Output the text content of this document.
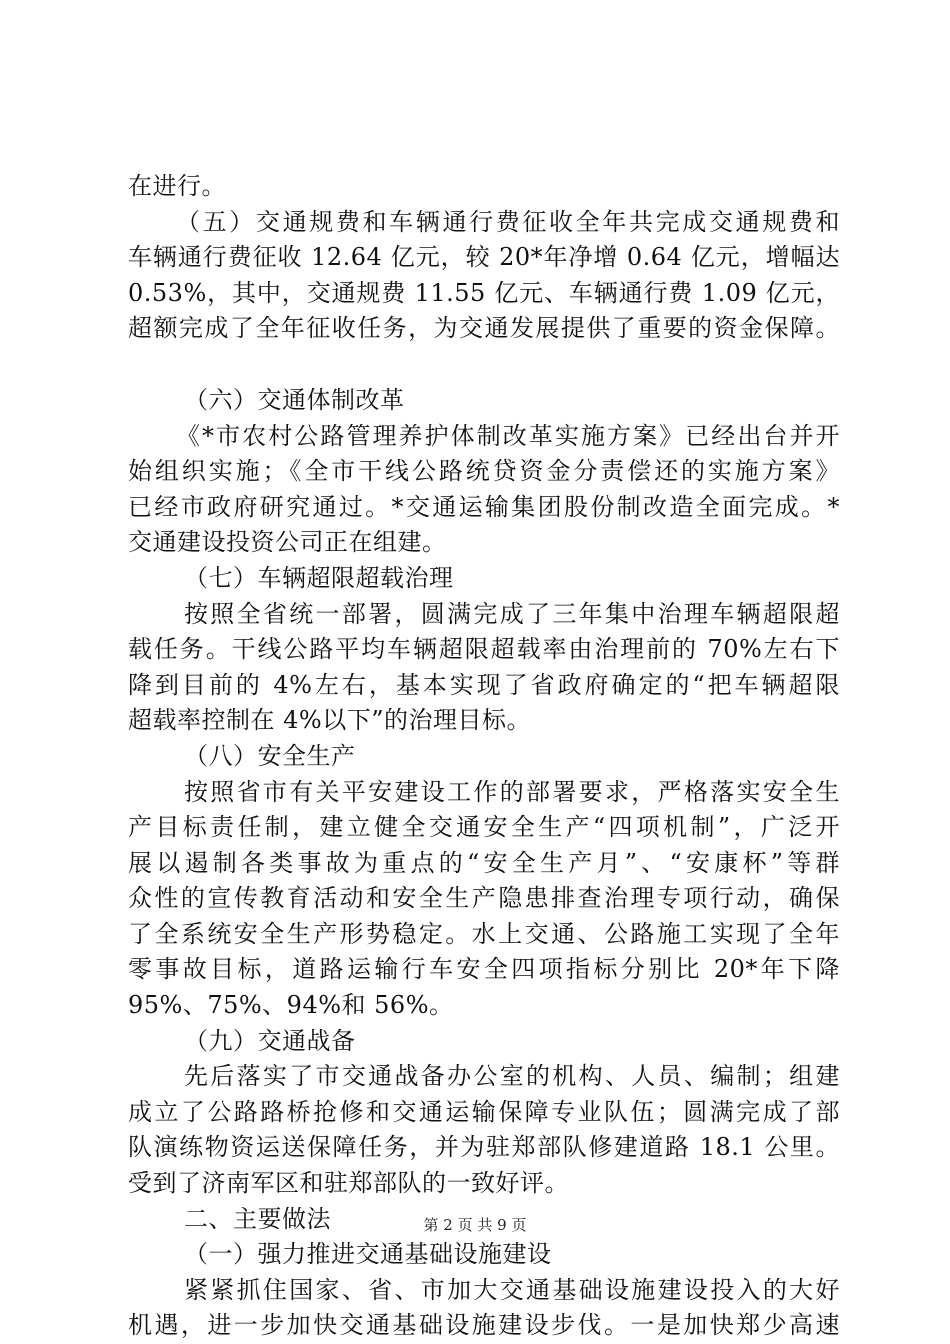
在进行。
（五）交通规费和车辆通行费征收全年共完成交通规费和
车辆通行费征收 12.64 亿元，较 20*年净增 0.64 亿元，增幅达
0.53%，其中，交通规费 11.55 亿元、车辆通行费 1.09 亿元，
超额完成了全年征收任务，为交通发展提供了重要的资金保障。
（六）交通体制改革
《*市农村公路管理养护体制改革实施方案》已经出台并开
始组织实施；《全市干线公路统贷资金分责偿还的实施方案》
已经市政府研究通过。*交通运输集团股份制改造全面完成。*
交通建设投资公司正在组建。
（七）车辆超限超载治理
按照全省统一部署，圆满完成了三年集中治理车辆超限超
载任务。干线公路平均车辆超限超载率由治理前的 70%左右下
降到目前的 4%左右，基本实现了省政府确定的“把车辆超限
超载率控制在 4%以下”的治理目标。
（八）安全生产
按照省市有关平安建设工作的部署要求，严格落实安全生
产目标责任制，建立健全交通安全生产“四项机制”，广泛开
展以遏制各类事故为重点的“安全生产月”、“安康杯”等群
众性的宣传教育活动和安全生产隐患排查治理专项行动，确保
了全系统安全生产形势稳定。水上交通、公路施工实现了全年
零事故目标，道路运输行车安全四项指标分别比 20*年下降
95%、75%、94%和 56%。
（九）交通战备
先后落实了市交通战备办公室的机构、人员、编制；组建
成立了公路路桥抢修和交通运输保障专业队伍；圆满完成了部
队演练物资运送保障任务，并为驻郑部队修建道路 18.1 公里。
受到了济南军区和驻郑部队的一致好评。
二、主要做法
（一）强力推进交通基础设施建设
紧紧抓住国家、省、市加大交通基础设施建设投入的大好
机遇，进一步加快交通基础设施建设步伐。一是加快郑少高速
第 2 页 共 9 页
